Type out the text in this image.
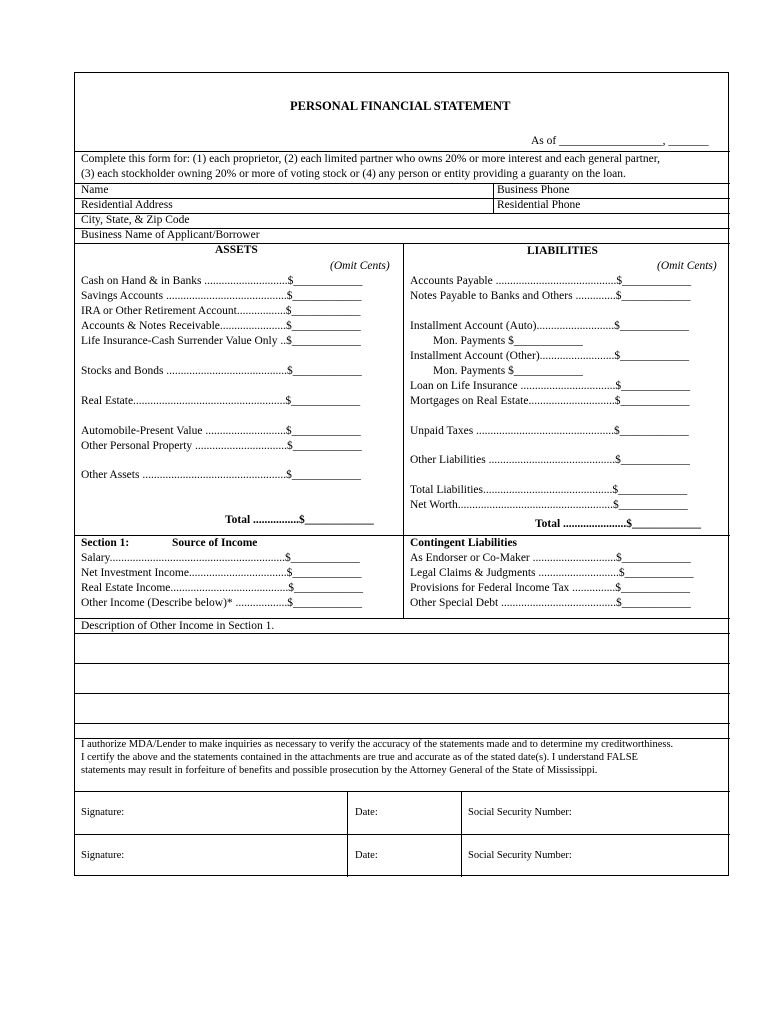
PERSONAL FINANCIAL STATEMENT
As of __________________, _______
Complete this form for: (1) each proprietor, (2) each limited partner who owns 20% or more interest and each general partner,
(3) each stockholder owning 20% or more of voting stock or (4) any person or entity providing a guaranty on the loan.
Name	Business Phone
Residential Address	Residential Phone
City, State, & Zip Code
Business Name of Applicant/Borrower
ASSETS
(Omit Cents)
LIABILITIES
(Omit Cents)
Cash on Hand & in Banks .............................$____________
Savings Accounts ..........................................$____________
IRA or Other Retirement Account.................$____________
Accounts & Notes Receivable.......................$____________
Life Insurance-Cash Surrender Value Only ..$____________
Stocks and Bonds ..........................................$____________
Real Estate.....................................................$____________
Automobile-Present Value ............................$____________
Other Personal Property ................................$____________
Other Assets ..................................................$____________
Total ................$____________
Accounts Payable ..........................................$____________
Notes Payable to Banks and Others ..............$____________
Installment Account (Auto)...........................$____________
Mon. Payments $____________
Installment Account (Other)..........................$____________
Mon. Payments $____________
Loan on Life Insurance .................................$____________
Mortgages on Real Estate..............................$____________
Unpaid Taxes ................................................$____________
Other Liabilities ............................................$____________
Total Liabilities.............................................$____________
Net Worth......................................................$____________
Total ......................$____________
Section 1:	Source of Income
Salary.............................................................$____________
Net Investment Income..................................$____________
Real Estate Income.........................................$____________
Other Income (Describe below)* ..................$____________
Contingent Liabilities
As Endorser or Co-Maker .............................$____________
Legal Claims & Judgments ............................$____________
Provisions for Federal Income Tax ...............$____________
Other Special Debt ........................................$____________
Description of Other Income in Section 1.
I authorize MDA/Lender to make inquiries as necessary to verify the accuracy of the statements made and to determine my creditworthiness.
I certify the above and the statements contained in the attachments are true and accurate as of the stated date(s). I understand FALSE
statements may result in forfeiture of benefits and possible prosecution by the Attorney General of the State of Mississippi.
Signature:	Date:	Social Security Number:
Signature:	Date:	Social Security Number:
